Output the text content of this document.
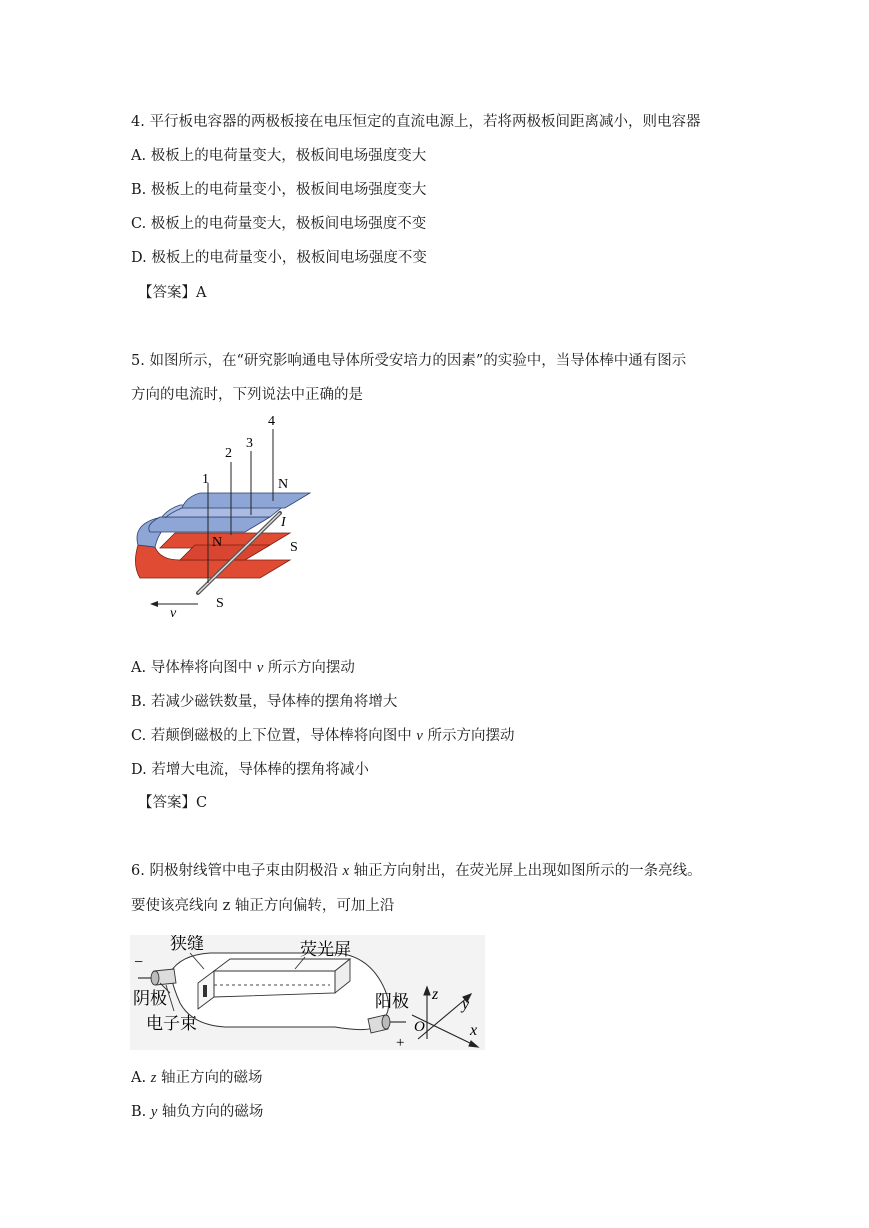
4. 平行板电容器的两极板接在电压恒定的直流电源上，若将两极板间距离减小，则电容器
A. 极板上的电荷量变大，极板间电场强度变大
B. 极板上的电荷量变小，极板间电场强度变大
C. 极板上的电荷量变大，极板间电场强度不变
D. 极板上的电荷量变小，极板间电场强度不变
【答案】A
5. 如图所示，在“研究影响通电导体所受安培力的因素”的实验中，当导体棒中通有图示
方向的电流时，下列说法中正确的是
1
2
3
4
N
N	S
S
I
v
A. 导体棒将向图中 v 所示方向摆动
B. 若减少磁铁数量，导体棒的摆角将增大
C. 若颠倒磁极的上下位置，导体棒将向图中 v 所示方向摆动
D. 若增大电流，导体棒的摆角将减小
【答案】C
6. 阴极射线管中电子束由阴极沿 x 轴正方向射出，在荧光屏上出现如图所示的一条亮线。
要使该亮线向 z 轴正方向偏转，可加上沿
狭缝	荧光屏
阴极
电子束
阳极
−
+
z
y
x
O
A. z 轴正方向的磁场
B. y 轴负方向的磁场
